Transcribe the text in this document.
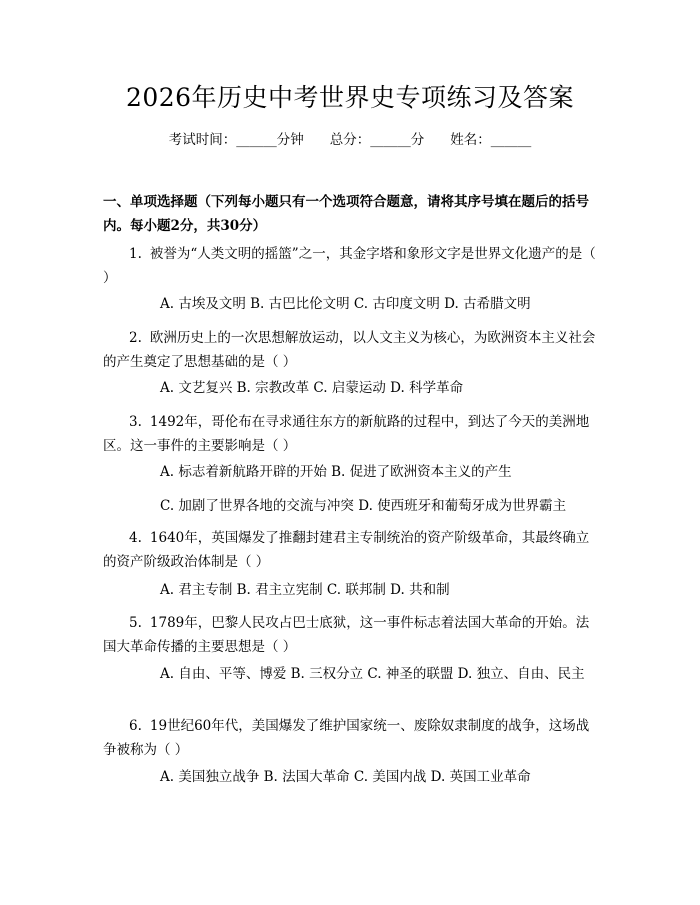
2026年历史中考世界史专项练习及答案
考试时间：______分钟 总分：______分 姓名：______
一、单项选择题（下列每小题只有一个选项符合题意，请将其序号填在题后的括号内。每小题2分，共30分）
1. 被誉为“人类文明的摇篮”之一，其金字塔和象形文字是世界文化遗产的是（ ）
A. 古埃及文明 B. 古巴比伦文明 C. 古印度文明 D. 古希腊文明
2. 欧洲历史上的一次思想解放运动，以人文主义为核心，为欧洲资本主义社会的产生奠定了思想基础的是（ ）
A. 文艺复兴 B. 宗教改革 C. 启蒙运动 D. 科学革命
3. 1492年，哥伦布在寻求通往东方的新航路的过程中，到达了今天的美洲地区。这一事件的主要影响是（ ）
A. 标志着新航路开辟的开始 B. 促进了欧洲资本主义的产生
C. 加剧了世界各地的交流与冲突 D. 使西班牙和葡萄牙成为世界霸主
4. 1640年，英国爆发了推翻封建君主专制统治的资产阶级革命，其最终确立的资产阶级政治体制是（ ）
A. 君主专制 B. 君主立宪制 C. 联邦制 D. 共和制
5. 1789年，巴黎人民攻占巴士底狱，这一事件标志着法国大革命的开始。法国大革命传播的主要思想是（ ）
A. 自由、平等、博爱 B. 三权分立 C. 神圣的联盟 D. 独立、自由、民主
6. 19世纪60年代，美国爆发了维护国家统一、废除奴隶制度的战争，这场战争被称为（ ）
A. 美国独立战争 B. 法国大革命 C. 美国内战 D. 英国工业革命
